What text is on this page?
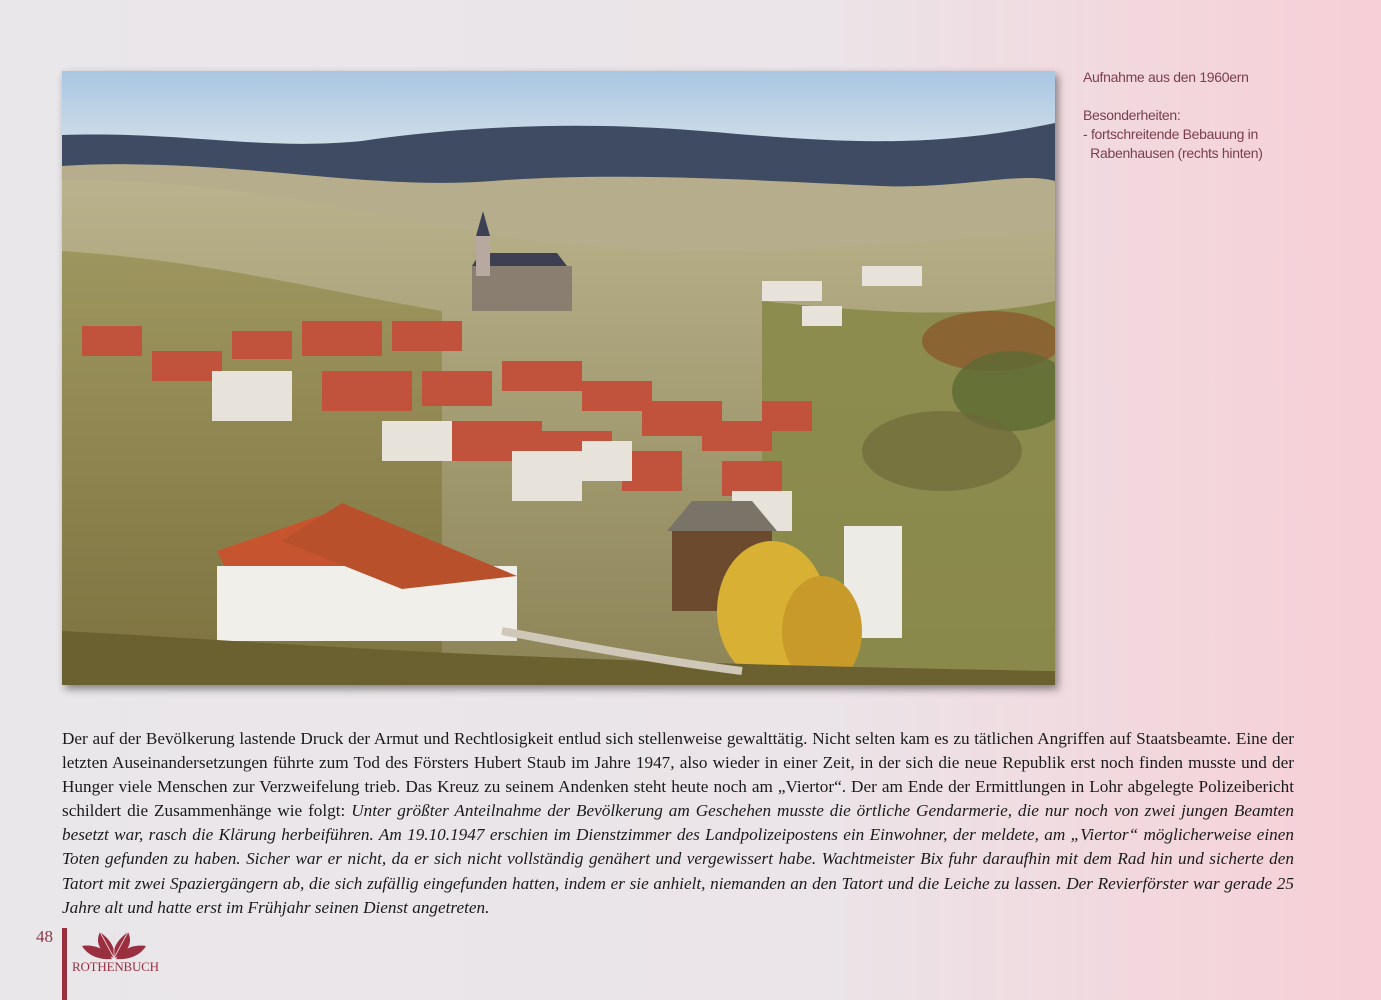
Aufnahme aus den 1960ern
Besonderheiten:
- fortschreitende Bebauung in
Rabenhausen (rechts hinten)
Der auf der Bevölkerung lastende Druck der Armut und Rechtlosigkeit entlud sich stellenweise gewalttätig. Nicht selten kam es zu tätlichen Angriffen auf Staatsbeamte. Eine der letzten Auseinandersetzungen führte zum Tod des Försters Hubert Staub im Jahre 1947, also wieder in einer Zeit, in der sich die neue Republik erst noch finden musste und der Hunger viele Menschen zur Verzweifelung trieb. Das Kreuz zu seinem Andenken steht heute noch am „Viertor“. Der am Ende der Ermittlungen in Lohr abgelegte Polizeibericht schildert die Zusammenhänge wie folgt: Unter größter Anteilnahme der Bevölkerung am Geschehen musste die örtliche Gendarmerie, die nur noch von zwei jungen Beamten besetzt war, rasch die Klärung herbeiführen. Am 19.10.1947 erschien im Dienstzimmer des Landpolizeipostens ein Einwohner, der meldete, am „Viertor“ möglicherweise einen Toten gefunden zu haben. Sicher war er nicht, da er sich nicht vollständig genähert und vergewissert habe. Wachtmeister Bix fuhr daraufhin mit dem Rad hin und sicherte den Tatort mit zwei Spaziergängern ab, die sich zufällig eingefunden hatten, indem er sie anhielt, niemanden an den Tatort und die Leiche zu lassen. Der Revierförster war gerade 25 Jahre alt und hatte erst im Frühjahr seinen Dienst angetreten.
48
ROTHENBUCH
